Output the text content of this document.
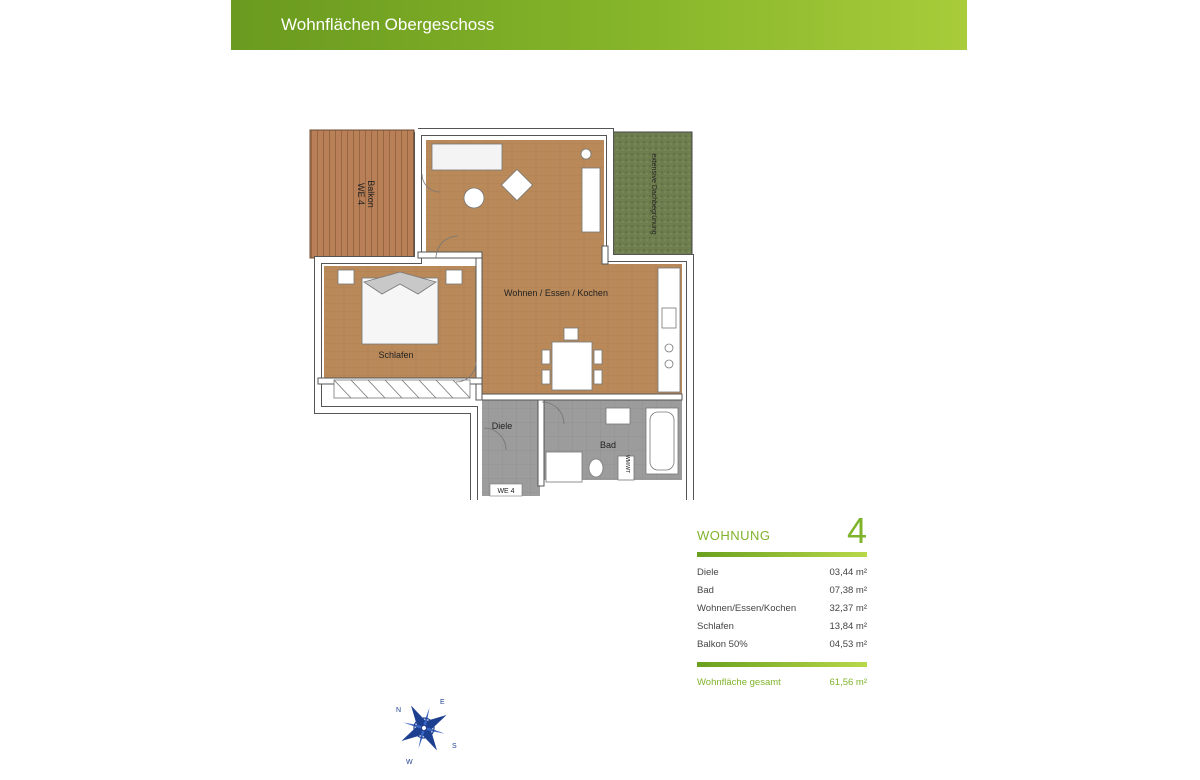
Wohnflächen Obergeschoss
Balkon
WE 4	extensive Dachbegrünung
Wohnen / Essen / Kochen
Schlafen
Diele
Bad
WM/WT
WE 4
WOHNUNG 4
Diele	03,44 m²
Bad	07,38 m²
Wohnen/Essen/Kochen	32,37 m²
Schlafen	13,84 m²
Balkon 50%	04,53 m²
Wohnfläche gesamt	61,56 m²
N
E
S
W
